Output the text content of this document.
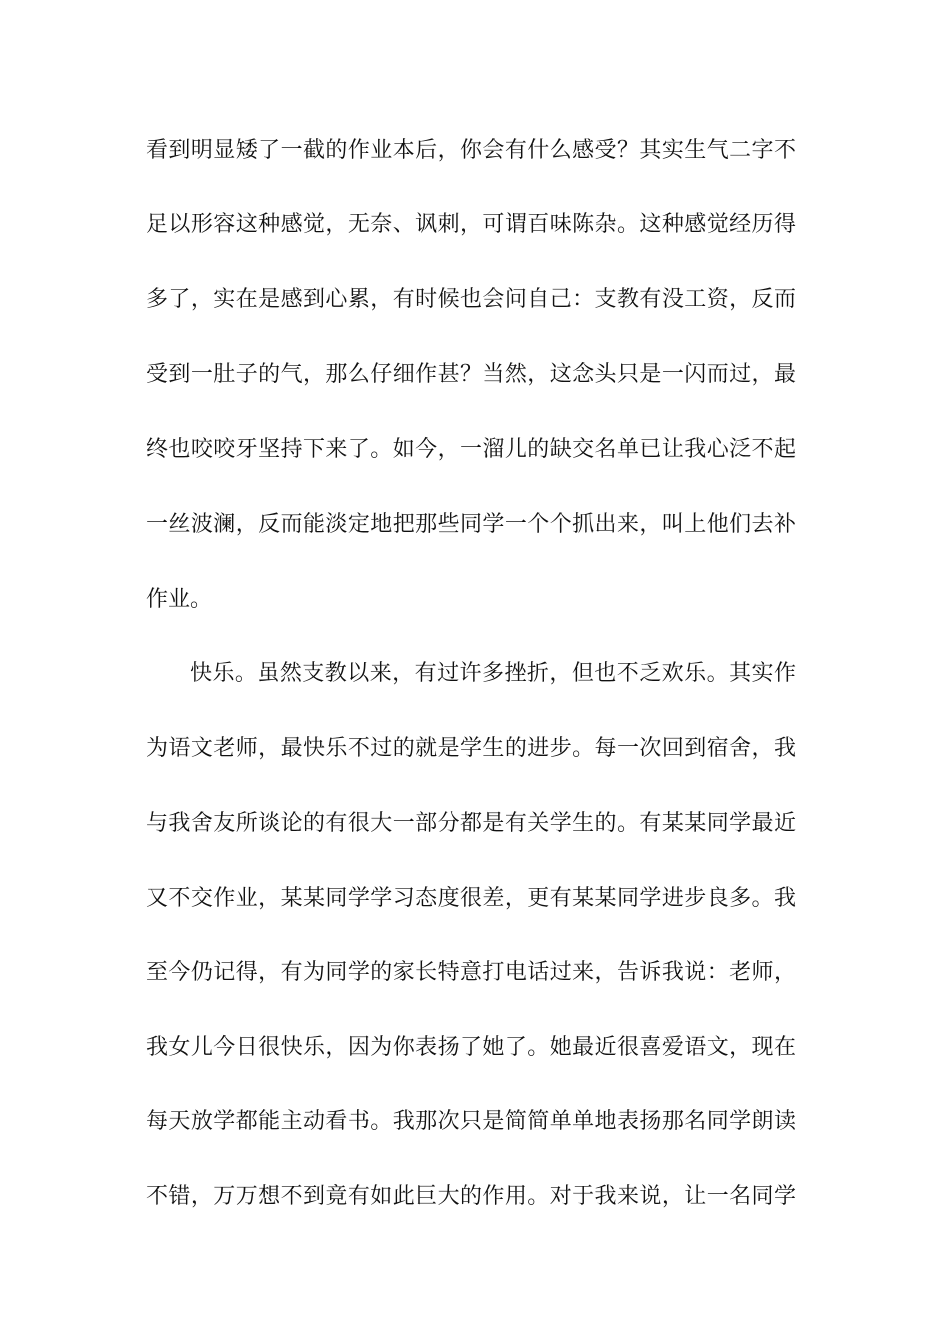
看到明显矮了一截的作业本后，你会有什么感受？其实生气二字不
足以形容这种感觉，无奈、讽刺，可谓百味陈杂。这种感觉经历得
多了，实在是感到心累，有时候也会问自己：支教有没工资，反而
受到一肚子的气，那么仔细作甚？当然，这念头只是一闪而过，最
终也咬咬牙坚持下来了。如今，一溜儿的缺交名单已让我心泛不起
一丝波澜，反而能淡定地把那些同学一个个抓出来，叫上他们去补
作业。
快乐。虽然支教以来，有过许多挫折，但也不乏欢乐。其实作
为语文老师，最快乐不过的就是学生的进步。每一次回到宿舍，我
与我舍友所谈论的有很大一部分都是有关学生的。有某某同学最近
又不交作业，某某同学学习态度很差，更有某某同学进步良多。我
至今仍记得，有为同学的家长特意打电话过来，告诉我说：老师，
我女儿今日很快乐，因为你表扬了她了。她最近很喜爱语文，现在
每天放学都能主动看书。我那次只是简简单单地表扬那名同学朗读
不错，万万想不到竟有如此巨大的作用。对于我来说，让一名同学
